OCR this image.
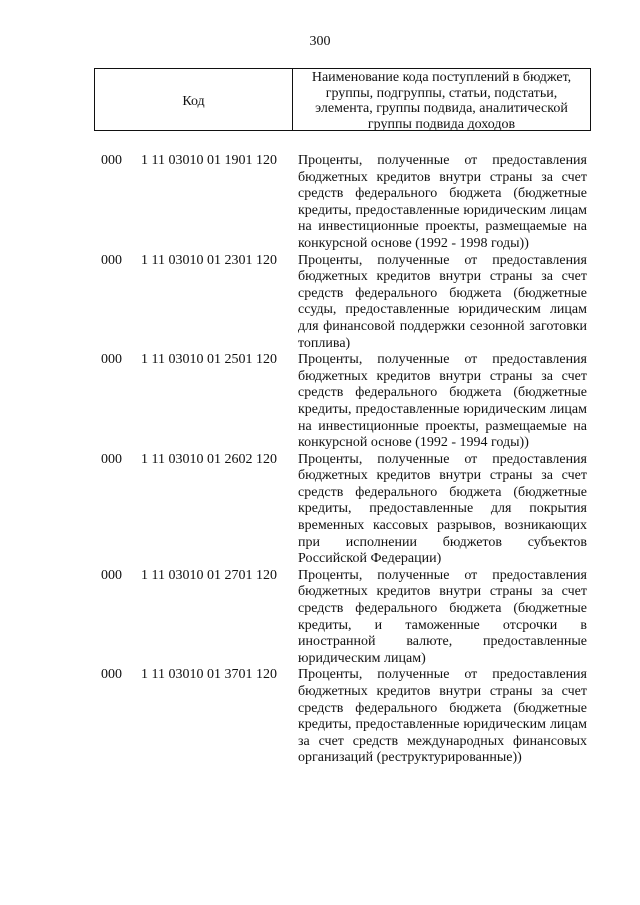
300
Код
Наименование кода поступлений в бюджет, группы, подгруппы, статьи, подстатьи, элемента, группы подвида, аналитической группы подвида доходов
000 1 11 03010 01 1901 120 Проценты, полученные от предоставления бюджетных кредитов внутри страны за счет средств федерального бюджета (бюджетные кредиты, предоставленные юридическим лицам на инвестиционные проекты, размещаемые на конкурсной основе (1992 - 1998 годы))
000 1 11 03010 01 2301 120 Проценты, полученные от предоставления бюджетных кредитов внутри страны за счет средств федерального бюджета (бюджетные ссуды, предоставленные юридическим лицам для финансовой поддержки сезонной заготовки топлива)
000 1 11 03010 01 2501 120 Проценты, полученные от предоставления бюджетных кредитов внутри страны за счет средств федерального бюджета (бюджетные кредиты, предоставленные юридическим лицам на инвестиционные проекты, размещаемые на конкурсной основе (1992 - 1994 годы))
000 1 11 03010 01 2602 120 Проценты, полученные от предоставления бюджетных кредитов внутри страны за счет средств федерального бюджета (бюджетные кредиты, предоставленные для покрытия временных кассовых разрывов, возникающих при исполнении бюджетов субъектов Российской Федерации)
000 1 11 03010 01 2701 120 Проценты, полученные от предоставления бюджетных кредитов внутри страны за счет средств федерального бюджета (бюджетные кредиты, и таможенные отсрочки в иностранной валюте, предоставленные юридическим лицам)
000 1 11 03010 01 3701 120 Проценты, полученные от предоставления бюджетных кредитов внутри страны за счет средств федерального бюджета (бюджетные кредиты, предоставленные юридическим лицам за счет средств международных финансовых организаций (реструктурированные))
